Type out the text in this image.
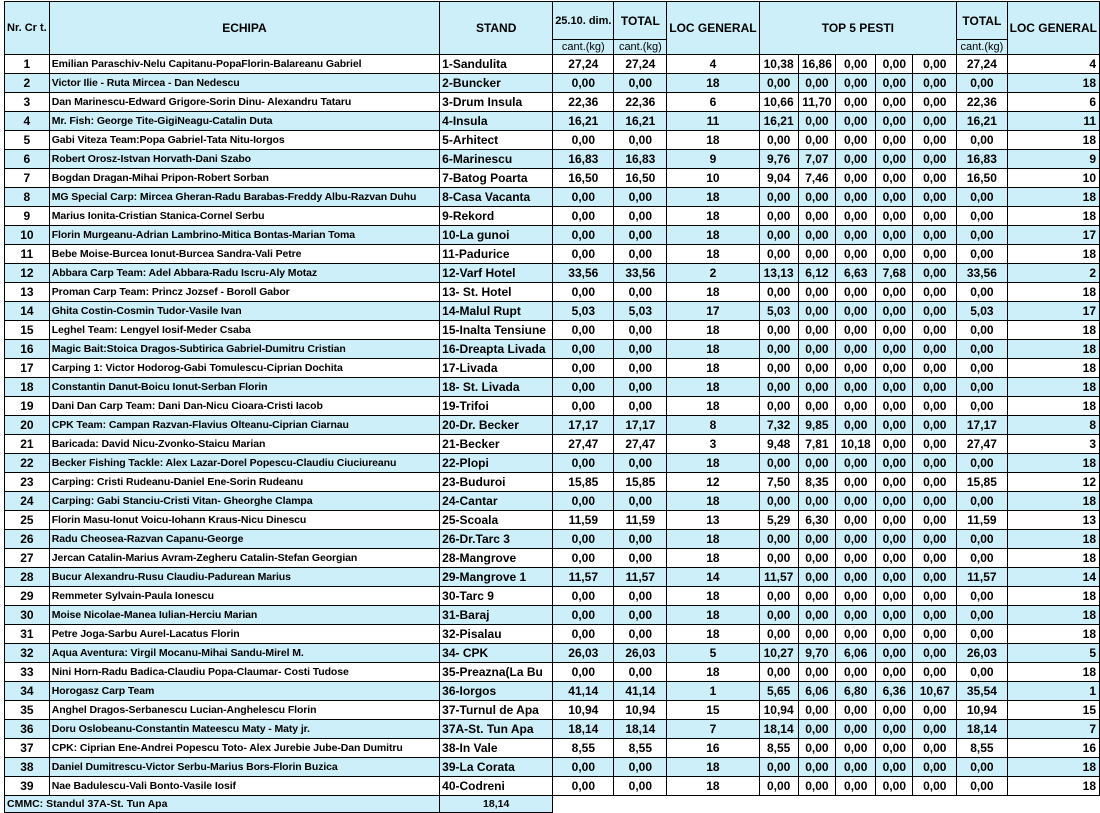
Nr. Cr t.	ECHIPA	STAND	25.10. dim.	TOTAL	LOC GENERAL	TOP 5 PESTI					TOTAL	LOC GENERAL
			cant.(kg)	cant.(kg)							cant.(kg)	
1	Emilian Paraschiv-Nelu Capitanu-PopaFlorin-Balareanu Gabriel	1-Sandulita	27,24	27,24	4	10,38	16,86	0,00	0,00	0,00	27,24	4
2	Victor Ilie - Ruta Mircea - Dan Nedescu	2-Buncker	0,00	0,00	18	0,00	0,00	0,00	0,00	0,00	0,00	18
3	Dan Marinescu-Edward Grigore-Sorin Dinu- Alexandru Tataru	3-Drum Insula	22,36	22,36	6	10,66	11,70	0,00	0,00	0,00	22,36	6
4	Mr. Fish: George Tite-GigiNeagu-Catalin Duta	4-Insula	16,21	16,21	11	16,21	0,00	0,00	0,00	0,00	16,21	11
5	Gabi Viteza Team:Popa Gabriel-Tata Nitu-Iorgos	5-Arhitect	0,00	0,00	18	0,00	0,00	0,00	0,00	0,00	0,00	18
6	Robert Orosz-Istvan Horvath-Dani Szabo	6-Marinescu	16,83	16,83	9	9,76	7,07	0,00	0,00	0,00	16,83	9
7	Bogdan Dragan-Mihai Pripon-Robert Sorban	7-Batog Poarta	16,50	16,50	10	9,04	7,46	0,00	0,00	0,00	16,50	10
8	MG Special Carp: Mircea Gheran-Radu Barabas-Freddy Albu-Razvan Duhu	8-Casa Vacanta	0,00	0,00	18	0,00	0,00	0,00	0,00	0,00	0,00	18
9	Marius Ionita-Cristian Stanica-Cornel Serbu	9-Rekord	0,00	0,00	18	0,00	0,00	0,00	0,00	0,00	0,00	18
10	Florin Murgeanu-Adrian Lambrino-Mitica Bontas-Marian Toma	10-La gunoi	0,00	0,00	18	0,00	0,00	0,00	0,00	0,00	0,00	17
11	Bebe Moise-Burcea Ionut-Burcea Sandra-Vali Petre	11-Padurice	0,00	0,00	18	0,00	0,00	0,00	0,00	0,00	0,00	18
12	Abbara Carp Team: Adel Abbara-Radu Iscru-Aly Motaz	12-Varf Hotel	33,56	33,56	2	13,13	6,12	6,63	7,68	0,00	33,56	2
13	Proman Carp Team: Princz Jozsef - Boroll Gabor	13- St. Hotel	0,00	0,00	18	0,00	0,00	0,00	0,00	0,00	0,00	18
14	Ghita Costin-Cosmin Tudor-Vasile Ivan	14-Malul Rupt	5,03	5,03	17	5,03	0,00	0,00	0,00	0,00	5,03	17
15	Leghel Team: Lengyel Iosif-Meder Csaba	15-Inalta Tensiune	0,00	0,00	18	0,00	0,00	0,00	0,00	0,00	0,00	18
16	Magic Bait:Stoica Dragos-Subtirica Gabriel-Dumitru Cristian	16-Dreapta Livada	0,00	0,00	18	0,00	0,00	0,00	0,00	0,00	0,00	18
17	Carping 1: Victor Hodorog-Gabi Tomulescu-Ciprian Dochita	17-Livada	0,00	0,00	18	0,00	0,00	0,00	0,00	0,00	0,00	18
18	Constantin Danut-Boicu Ionut-Serban Florin	18- St. Livada	0,00	0,00	18	0,00	0,00	0,00	0,00	0,00	0,00	18
19	Dani Dan Carp Team: Dani Dan-Nicu Cioara-Cristi Iacob	19-Trifoi	0,00	0,00	18	0,00	0,00	0,00	0,00	0,00	0,00	18
20	CPK Team: Campan Razvan-Flavius Olteanu-Ciprian Ciarnau	20-Dr. Becker	17,17	17,17	8	7,32	9,85	0,00	0,00	0,00	17,17	8
21	Baricada: David Nicu-Zvonko-Staicu Marian	21-Becker	27,47	27,47	3	9,48	7,81	10,18	0,00	0,00	27,47	3
22	Becker Fishing Tackle: Alex Lazar-Dorel Popescu-Claudiu Ciuciureanu	22-Plopi	0,00	0,00	18	0,00	0,00	0,00	0,00	0,00	0,00	18
23	Carping: Cristi Rudeanu-Daniel Ene-Sorin Rudeanu	23-Buduroi	15,85	15,85	12	7,50	8,35	0,00	0,00	0,00	15,85	12
24	Carping: Gabi Stanciu-Cristi Vitan- Gheorghe Clampa	24-Cantar	0,00	0,00	18	0,00	0,00	0,00	0,00	0,00	0,00	18
25	Florin Masu-Ionut Voicu-Iohann Kraus-Nicu Dinescu	25-Scoala	11,59	11,59	13	5,29	6,30	0,00	0,00	0,00	11,59	13
26	Radu Cheosea-Razvan Capanu-George	26-Dr.Tarc 3	0,00	0,00	18	0,00	0,00	0,00	0,00	0,00	0,00	18
27	Jercan Catalin-Marius Avram-Zegheru Catalin-Stefan Georgian	28-Mangrove	0,00	0,00	18	0,00	0,00	0,00	0,00	0,00	0,00	18
28	Bucur Alexandru-Rusu Claudiu-Padurean Marius	29-Mangrove 1	11,57	11,57	14	11,57	0,00	0,00	0,00	0,00	11,57	14
29	Remmeter Sylvain-Paula Ionescu	30-Tarc 9	0,00	0,00	18	0,00	0,00	0,00	0,00	0,00	0,00	18
30	Moise Nicolae-Manea Iulian-Herciu Marian	31-Baraj	0,00	0,00	18	0,00	0,00	0,00	0,00	0,00	0,00	18
31	Petre Joga-Sarbu Aurel-Lacatus Florin	32-Pisalau	0,00	0,00	18	0,00	0,00	0,00	0,00	0,00	0,00	18
32	Aqua Aventura: Virgil Mocanu-Mihai Sandu-Mirel M.	34- CPK	26,03	26,03	5	10,27	9,70	6,06	0,00	0,00	26,03	5
33	Nini Horn-Radu Badica-Claudiu Popa-Claumar- Costi Tudose	35-Preazna(La Bu	0,00	0,00	18	0,00	0,00	0,00	0,00	0,00	0,00	18
34	Horogasz Carp Team	36-Iorgos	41,14	41,14	1	5,65	6,06	6,80	6,36	10,67	35,54	1
35	Anghel Dragos-Serbanescu Lucian-Anghelescu Florin	37-Turnul de Apa	10,94	10,94	15	10,94	0,00	0,00	0,00	0,00	10,94	15
36	Doru Oslobeanu-Constantin Mateescu Maty - Maty jr.	37A-St. Tun Apa	18,14	18,14	7	18,14	0,00	0,00	0,00	0,00	18,14	7
37	CPK: Ciprian Ene-Andrei Popescu Toto- Alex Jurebie Jube-Dan Dumitru	38-In Vale	8,55	8,55	16	8,55	0,00	0,00	0,00	0,00	8,55	16
38	Daniel Dumitrescu-Victor Serbu-Marius Bors-Florin Buzica	39-La Corata	0,00	0,00	18	0,00	0,00	0,00	0,00	0,00	0,00	18
39	Nae Badulescu-Vali Bonto-Vasile Iosif	40-Codreni	0,00	0,00	18	0,00	0,00	0,00	0,00	0,00	0,00	18
CMMC: Standul 37A-St. Tun Apa		18,14										
